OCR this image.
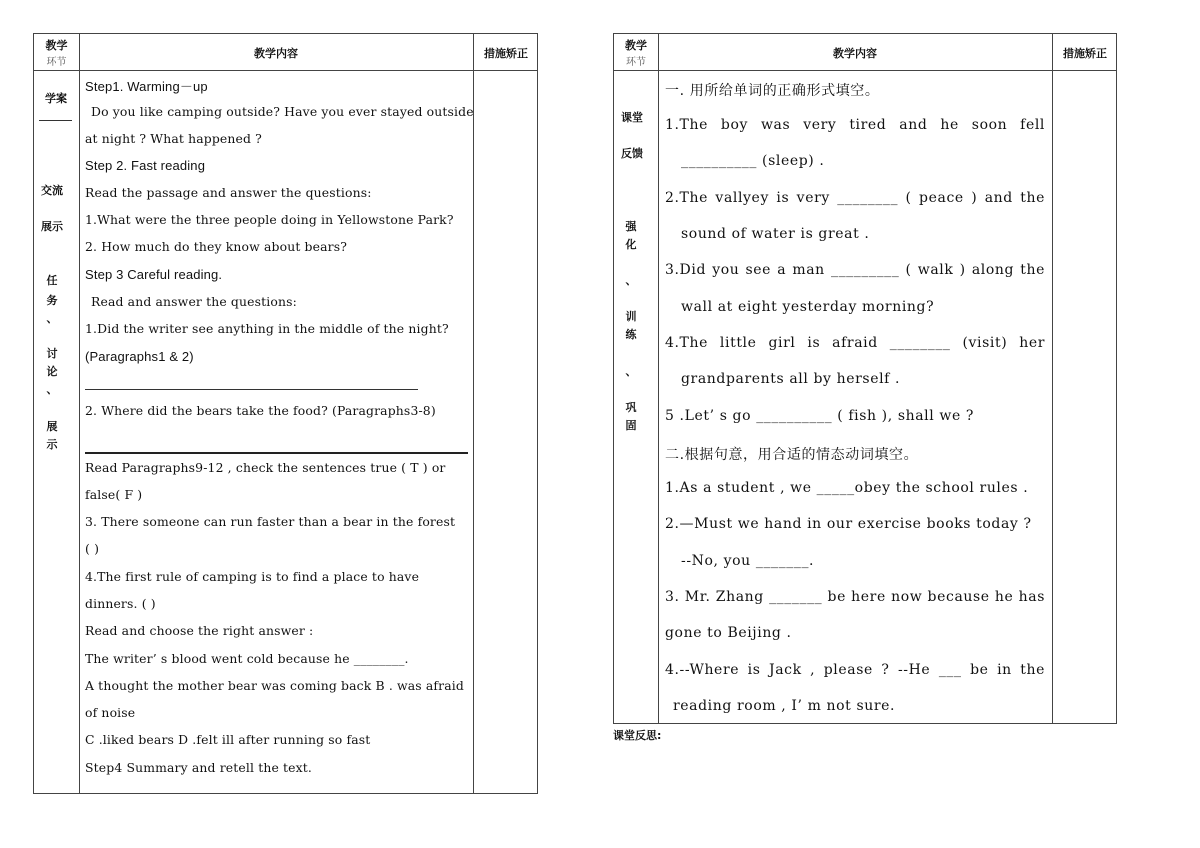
教学
环节
教学内容	措施矫正
学案
交流
展示
任
务
、
讨
论
、
展
示
Step1. Warming－up
Do you like camping outside? Have you ever stayed outside
at night ? What happened ?
Step 2. Fast reading
Read the passage and answer the questions:
1.What were the three people doing in Yellowstone Park?
2. How much do they know about bears?
Step 3 Careful reading.
Read and answer the questions:
1.Did the writer see anything in the middle of the night?
(Paragraphs1 & 2)
2. Where did the bears take the food? (Paragraphs3-8)
Read Paragraphs9-12 , check the sentences true ( T ) or
false( F )
3. There someone can run faster than a bear in the forest
( )
4.The first rule of camping is to find a place to have
dinners. ( )
Read and choose the right answer :
The writer’ s blood went cold because he ________.
A thought the mother bear was coming back B . was afraid
of noise
C .liked bears D .felt ill after running so fast
Step4 Summary and retell the text.
教学
环节
教学内容	措施矫正
课堂
反馈
强
化
、
训
练
、
巩
固
一. 用所给单词的正确形式填空。
1.The boy was very tired and he soon fell
__________ (sleep) .
2.The vallyey is very ________ ( peace ) and the
sound of water is great .
3.Did you see a man _________ ( walk ) along the
wall at eight yesterday morning?
4.The little girl is afraid ________ (visit) her
grandparents all by herself .
5 .Let’ s go __________ ( fish ), shall we ?
二.根据句意，用合适的情态动词填空。
1.As a student , we _____obey the school rules .
2.—Must we hand in our exercise books today ?
--No, you _______.
3. Mr. Zhang _______ be here now because he has
gone to Beijing .
4.--Where is Jack , please ? --He ___ be in the
reading room , I’ m not sure.
课堂反思:
